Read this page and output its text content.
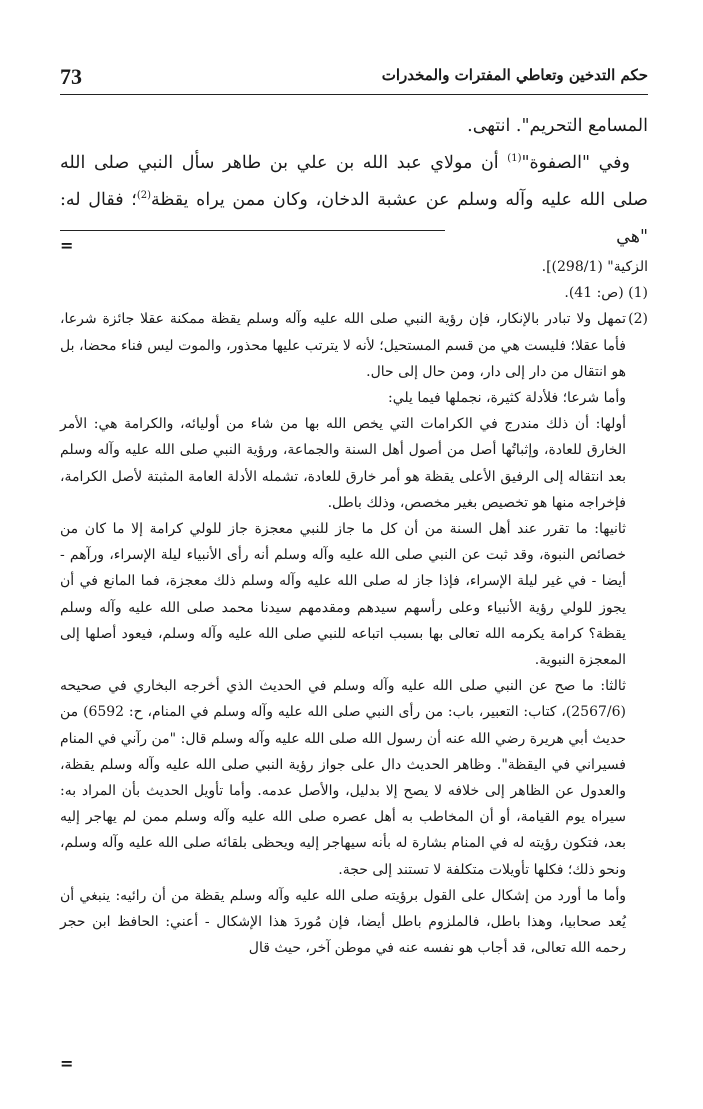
73	حكم التدخين وتعاطي المفترات والمخدرات

المسامع التحريم". انتهى.

وفي "الصفوة"$^{(1)}$ أن مولاي عبد الله بن علي بن طاهر سأل النبي صلى الله صلى الله عليه وآله وسلم عن عشبة الدخان، وكان ممن يراه يقظة$^{(2)}$؛ فقال له: "هي

=

الزكية" (298/1)].

(1) (ص: 41).

(2)تمهل ولا تبادر بالإنكار، فإن رؤية النبي صلى الله عليه وآله وسلم يقظة ممكنة عقلا جائزة شرعا، فأما عقلا؛ فليست هي من قسم المستحيل؛ لأنه لا يترتب عليها محذور، والموت ليس فناء محضا، بل هو انتقال من دار إلى دار، ومن حال إلى حال.

وأما شرعا؛ فلأدلة كثيرة، نجملها فيما يلي:

أولها: أن ذلك مندرج في الكرامات التي يخص الله بها من شاء من أوليائه، والكرامة هي: الأمر الخارق للعادة، وإثباتُها أصل من أصول أهل السنة والجماعة، ورؤية النبي صلى الله عليه وآله وسلم بعد انتقاله إلى الرفيق الأعلى يقظة هو أمر خارق للعادة، تشمله الأدلة العامة المثبتة لأصل الكرامة، فإخراجه منها هو تخصيص بغير مخصص، وذلك باطل.

ثانيها: ما تقرر عند أهل السنة من أن كل ما جاز للنبي معجزة جاز للولي كرامة إلا ما كان من خصائص النبوة، وقد ثبت عن النبي صلى الله عليه وآله وسلم أنه رأى الأنبياء ليلة الإسراء، ورآهم - أيضا - في غير ليلة الإسراء، فإذا جاز له صلى الله عليه وآله وسلم ذلك معجزة، فما المانع في أن يجوز للولي رؤية الأنبياء وعلى رأسهم سيدهم ومقدمهم سيدنا محمد صلى الله عليه وآله وسلم يقظة؟ كرامة يكرمه الله تعالى بها بسبب اتباعه للنبي صلى الله عليه وآله وسلم، فيعود أصلها إلى المعجزة النبوية.

ثالثا: ما صح عن النبي صلى الله عليه وآله وسلم في الحديث الذي أخرجه البخاري في صحيحه (2567/6)، كتاب: التعبير، باب: من رأى النبي صلى الله عليه وآله وسلم في المنام، ح: 6592) من حديث أبي هريرة رضي الله عنه أن رسول الله صلى الله عليه وآله وسلم قال: "من رآني في المنام فسيراني في اليقظة". وظاهر الحديث دال على جواز رؤية النبي صلى الله عليه وآله وسلم يقظة، والعدول عن الظاهر إلى خلافه لا يصح إلا بدليل، والأصل عدمه. وأما تأويل الحديث بأن المراد به: سيراه يوم القيامة، أو أن المخاطب به أهل عصره صلى الله عليه وآله وسلم ممن لم يهاجر إليه بعد، فتكون رؤيته له في المنام بشارة له بأنه سيهاجر إليه ويحظى بلقائه صلى الله عليه وآله وسلم، ونحو ذلك؛ فكلها تأويلات متكلفة لا تستند إلى حجة.

وأما ما أورد من إشكال على القول برؤيته صلى الله عليه وآله وسلم يقظة من أن رائيه: ينبغي أن يُعد صحابيا، وهذا باطل، فالملزوم باطل أيضا، فإن مُوردَ هذا الإشكال - أعني: الحافظ ابن حجر رحمه الله تعالى، قد أجاب هو نفسه عنه في موطن آخر، حيث قال

=
